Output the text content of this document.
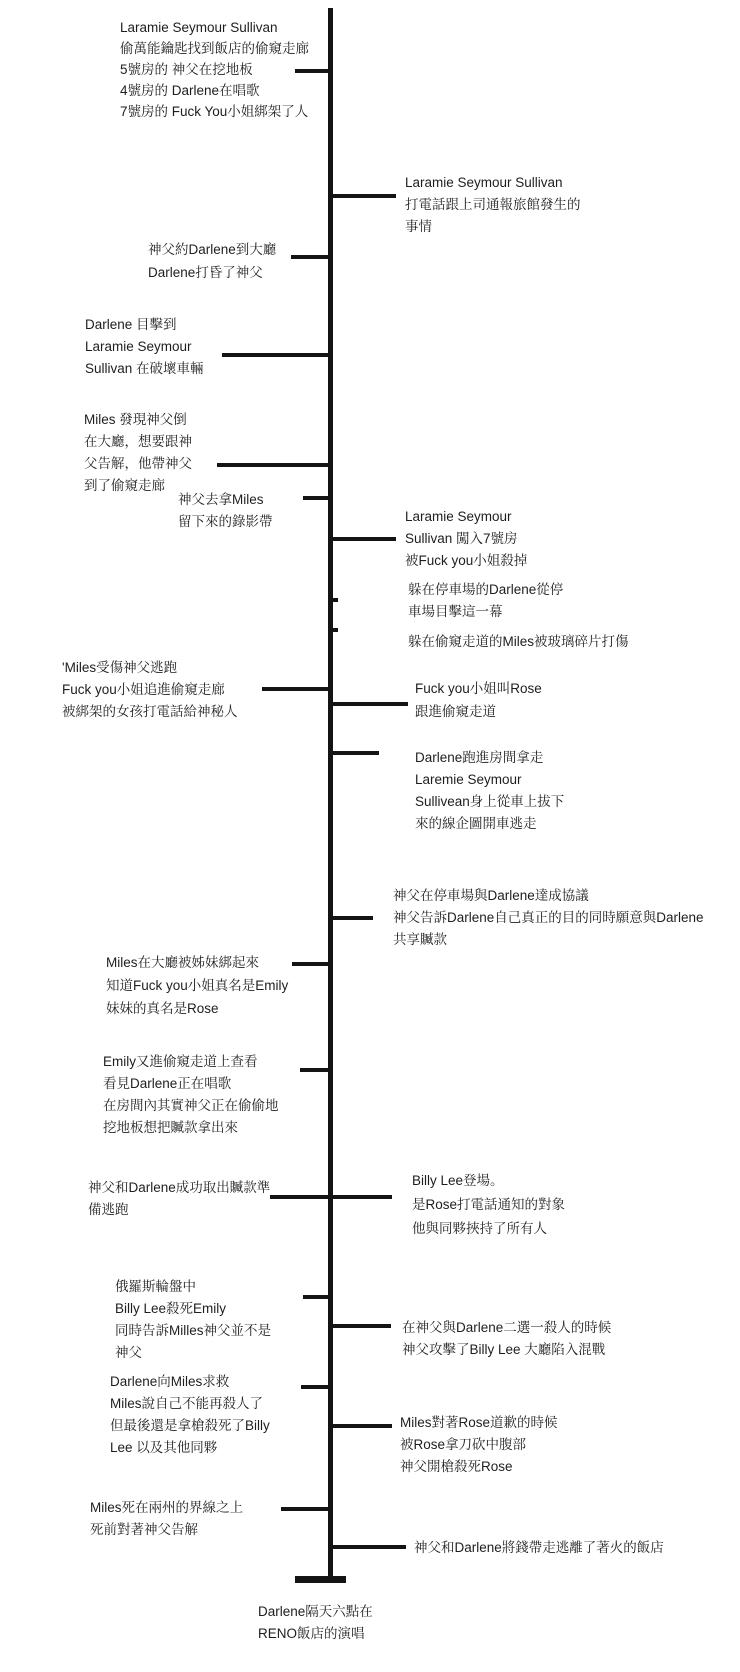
Laramie Seymour Sullivan
偷萬能鑰匙找到飯店的偷窺走廊
5號房的 神父在挖地板
4號房的 Darlene在唱歌
7號房的 Fuck You小姐綁架了人
Laramie Seymour Sullivan
打電話跟上司通報旅館發生的
事情
神父約Darlene到大廳
Darlene打昏了神父
Darlene 目擊到
Laramie Seymour
Sullivan 在破壞車輛
Miles 發現神父倒
在大廳，想要跟神
父告解，他帶神父
到了偷窺走廊
神父去拿Miles
留下來的錄影帶	Laramie Seymour
Sullivan 闖入7號房
被Fuck you小姐殺掉
躲在停車場的Darlene從停
車場目擊這一幕
躲在偷窺走道的Miles被玻璃碎片打傷
'Miles受傷神父逃跑
Fuck you小姐追進偷窺走廊
被綁架的女孩打電話給神秘人
Fuck you小姐叫Rose
跟進偷窺走道
Darlene跑進房間拿走
Laremie Seymour
Sullivean身上從車上拔下
來的線企圖開車逃走
神父在停車場與Darlene達成協議
神父告訴Darlene自己真正的目的同時願意與Darlene
共享贓款
Miles在大廳被姊妹綁起來
知道Fuck you小姐真名是Emily
妹妹的真名是Rose
Emily又進偷窺走道上查看
看見Darlene正在唱歌
在房間內其實神父正在偷偷地
挖地板想把贓款拿出來
神父和Darlene成功取出贓款準
備逃跑
Billy Lee登場。
是Rose打電話通知的對象
他與同夥挾持了所有人
俄羅斯輪盤中
Billy Lee殺死Emily
同時告訴Milles神父並不是
神父
在神父與Darlene二選一殺人的時候
神父攻擊了Billy Lee 大廳陷入混戰
Darlene向Miles求救
Miles說自己不能再殺人了
但最後還是拿槍殺死了Billy
Lee 以及其他同夥
Miles對著Rose道歉的時候
被Rose拿刀砍中腹部
神父開槍殺死Rose
Miles死在兩州的界線之上
死前對著神父告解
神父和Darlene將錢帶走逃離了著火的飯店
Darlene隔天六點在
RENO飯店的演唱
